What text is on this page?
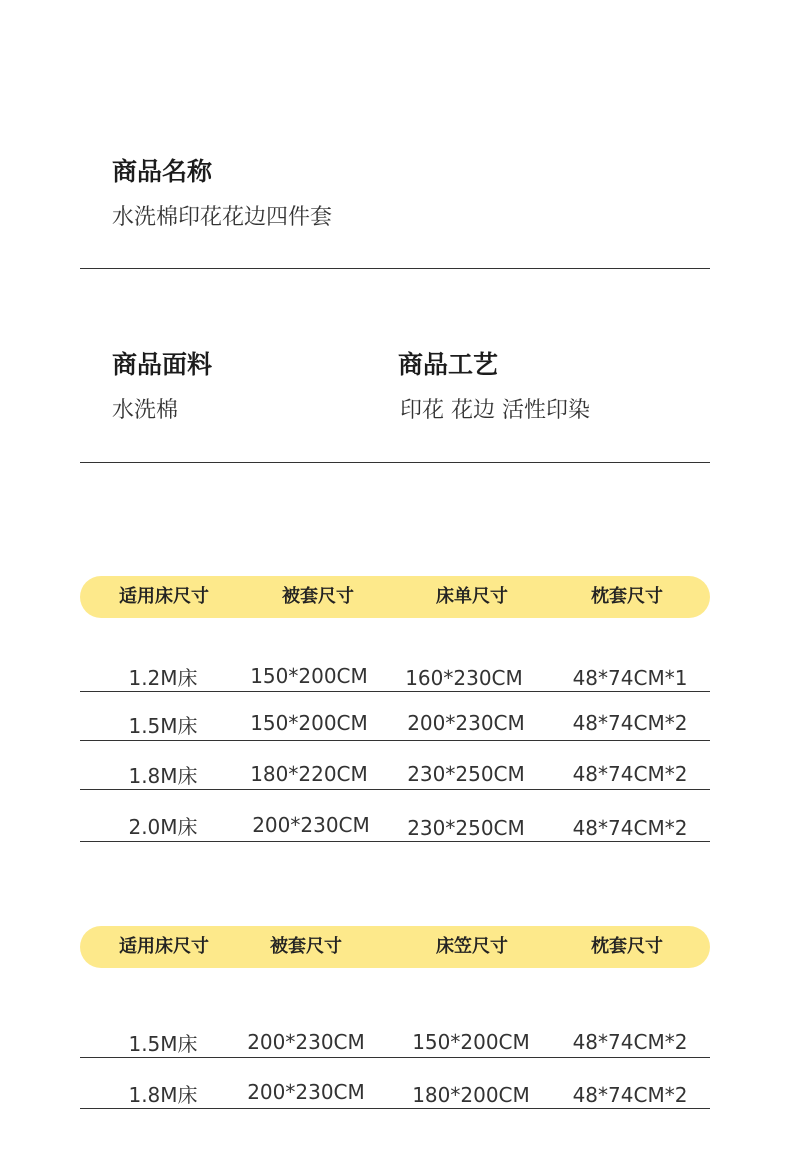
商品名称
水洗棉印花花边四件套
商品面料
水洗棉
商品工艺
印花 花边 活性印染
适用床尺寸	被套尺寸	床单尺寸	枕套尺寸
1.2M床	150*200CM 160*230CM 48*74CM*1
1.5M床	150*200CM 200*230CM 48*74CM*2
1.8M床	180*220CM 230*250CM 48*74CM*2
2.0M床	200*230CM 230*250CM 48*74CM*2
适用床尺寸	被套尺寸	床笠尺寸	枕套尺寸
1.5M床 200*230CM 150*200CM 48*74CM*2
1.8M床 200*230CM 180*200CM 48*74CM*2
